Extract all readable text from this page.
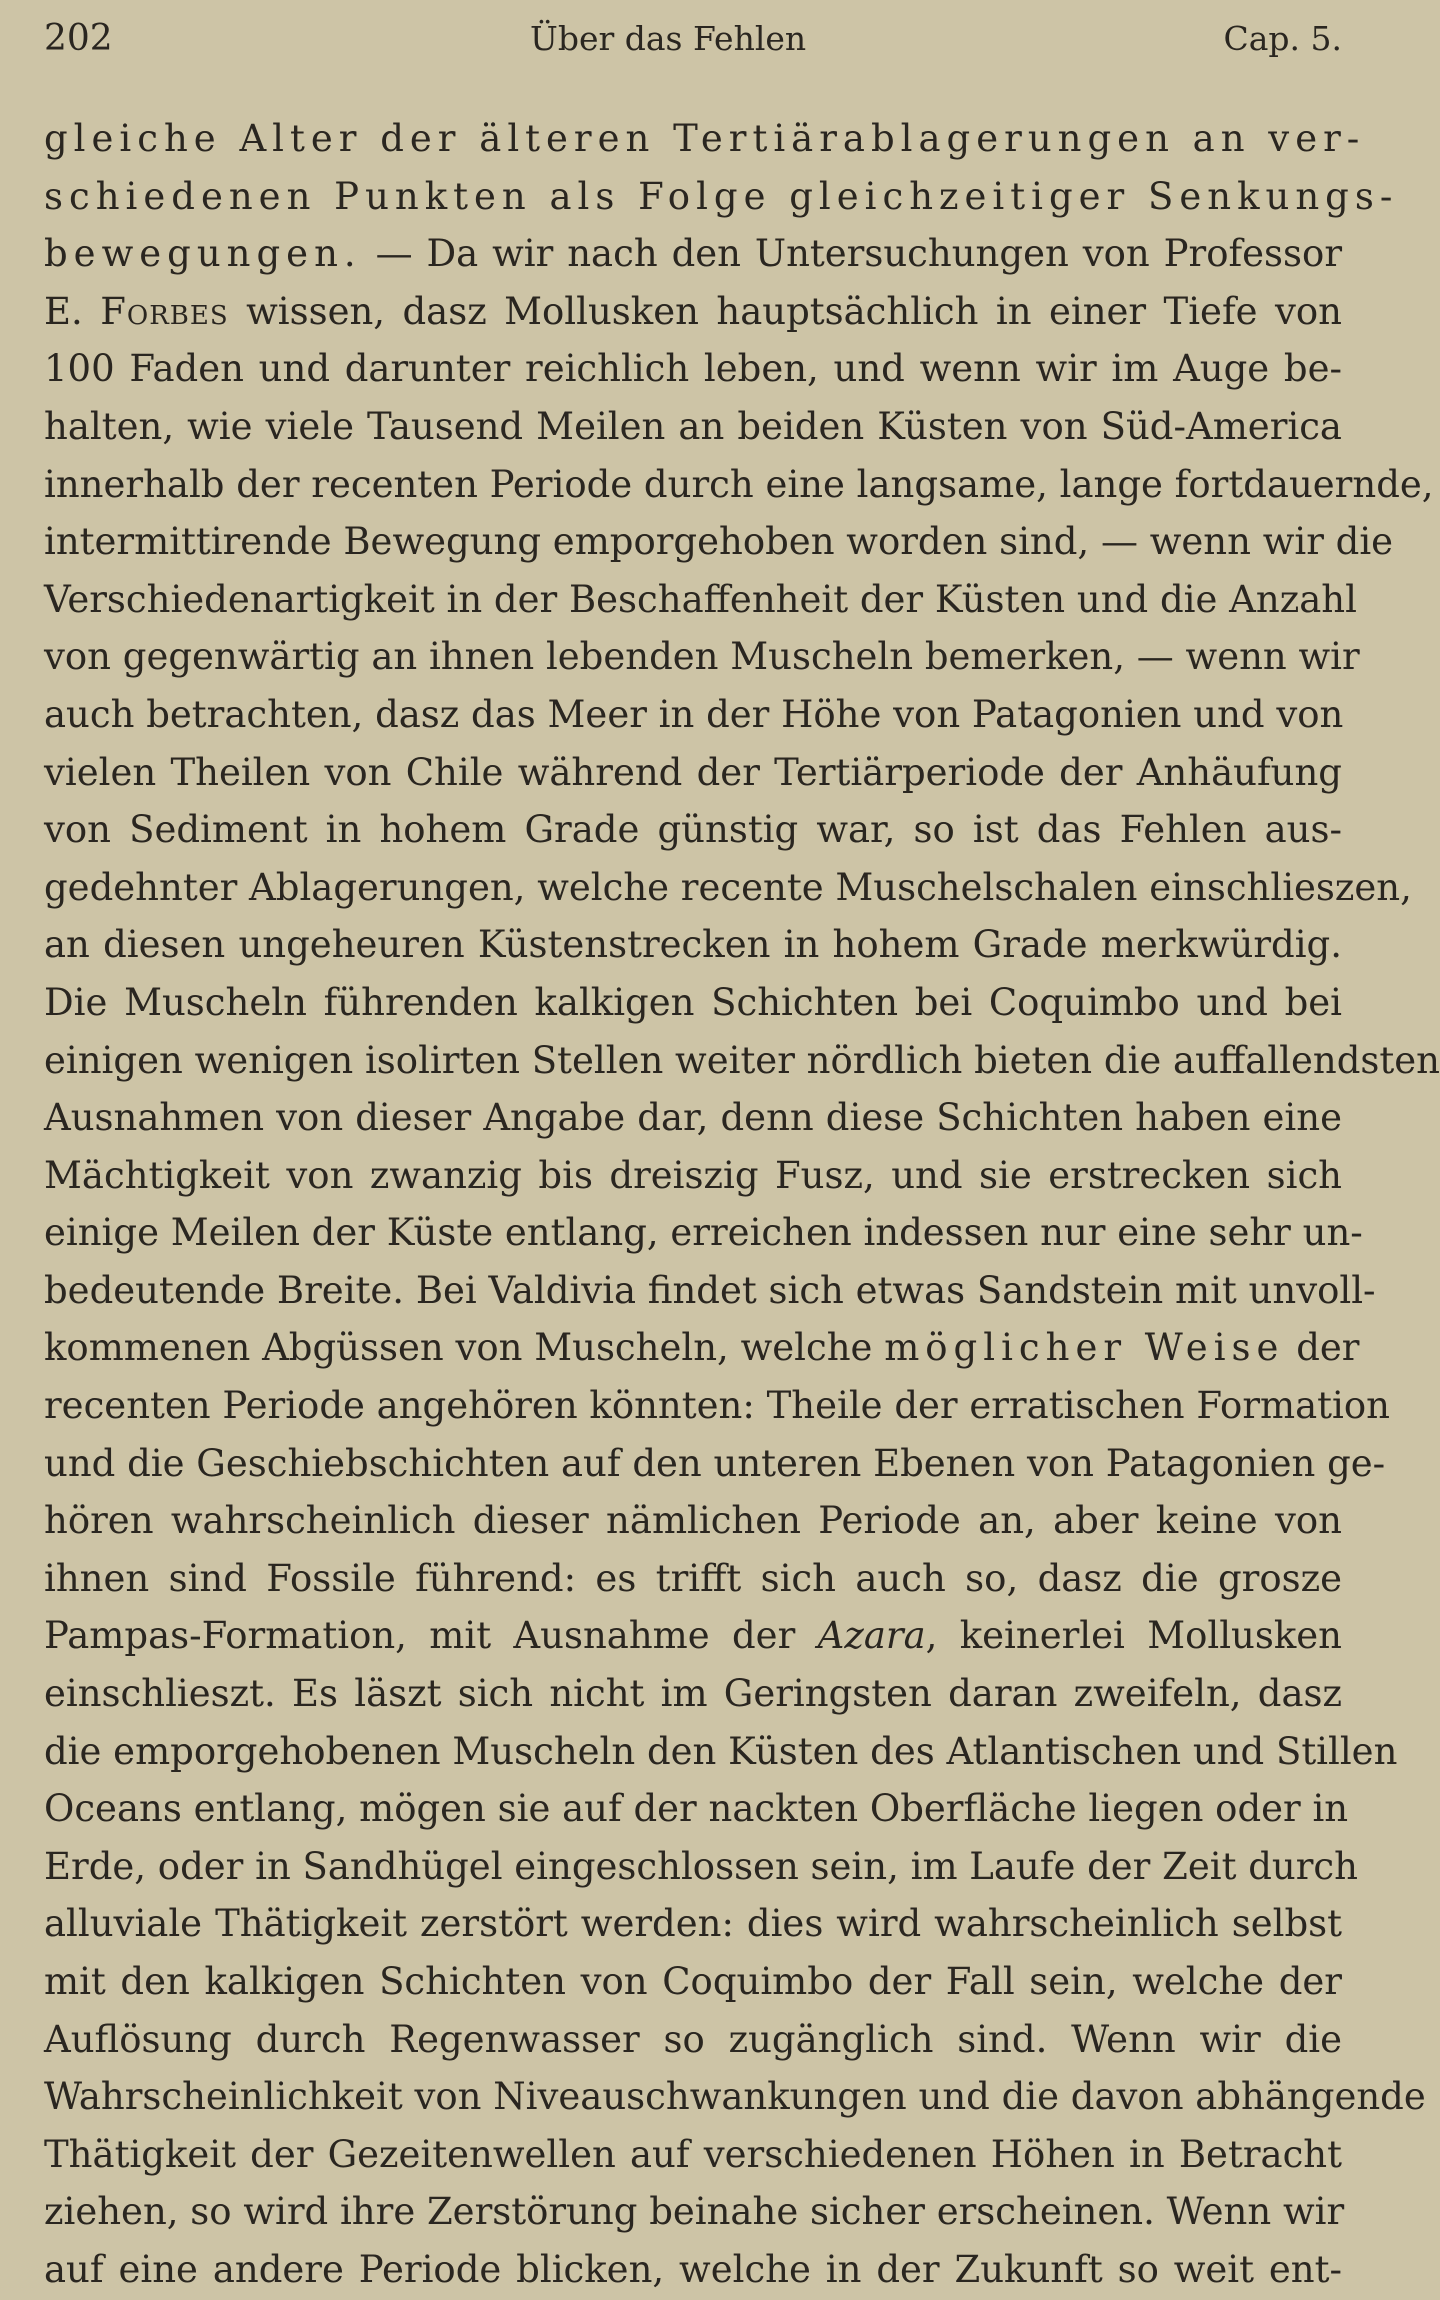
202	Über das Fehlen	Cap. 5.
gleiche Alter der älteren Tertiärablagerungen an ver-
schiedenen Punkten als Folge gleichzeitiger Senkungs-
bewegungen. — Da wir nach den Untersuchungen von Professor
E. Forbes wissen, dasz Mollusken hauptsächlich in einer Tiefe von
100 Faden und darunter reichlich leben, und wenn wir im Auge be-
halten, wie viele Tausend Meilen an beiden Küsten von Süd-America
innerhalb der recenten Periode durch eine langsame, lange fortdauernde,
intermittirende Bewegung emporgehoben worden sind, — wenn wir die
Verschiedenartigkeit in der Beschaffenheit der Küsten und die Anzahl
von gegenwärtig an ihnen lebenden Muscheln bemerken, — wenn wir
auch betrachten, dasz das Meer in der Höhe von Patagonien und von
vielen Theilen von Chile während der Tertiärperiode der Anhäufung
von Sediment in hohem Grade günstig war, so ist das Fehlen aus-
gedehnter Ablagerungen, welche recente Muschelschalen einschlieszen,
an diesen ungeheuren Küstenstrecken in hohem Grade merkwürdig.
Die Muscheln führenden kalkigen Schichten bei Coquimbo und bei
einigen wenigen isolirten Stellen weiter nördlich bieten die auffallendsten
Ausnahmen von dieser Angabe dar, denn diese Schichten haben eine
Mächtigkeit von zwanzig bis dreiszig Fusz, und sie erstrecken sich
einige Meilen der Küste entlang, erreichen indessen nur eine sehr un-
bedeutende Breite. Bei Valdivia findet sich etwas Sandstein mit unvoll-
kommenen Abgüssen von Muscheln, welche möglicher Weise der
recenten Periode angehören könnten: Theile der erratischen Formation
und die Geschiebschichten auf den unteren Ebenen von Patagonien ge-
hören wahrscheinlich dieser nämlichen Periode an, aber keine von
ihnen sind Fossile führend: es trifft sich auch so, dasz die grosze
Pampas-Formation, mit Ausnahme der Azara, keinerlei Mollusken
einschlieszt. Es läszt sich nicht im Geringsten daran zweifeln, dasz
die emporgehobenen Muscheln den Küsten des Atlantischen und Stillen
Oceans entlang, mögen sie auf der nackten Oberfläche liegen oder in
Erde, oder in Sandhügel eingeschlossen sein, im Laufe der Zeit durch
alluviale Thätigkeit zerstört werden: dies wird wahrscheinlich selbst
mit den kalkigen Schichten von Coquimbo der Fall sein, welche der
Auflösung durch Regenwasser so zugänglich sind. Wenn wir die
Wahrscheinlichkeit von Niveauschwankungen und die davon abhängende
Thätigkeit der Gezeitenwellen auf verschiedenen Höhen in Betracht
ziehen, so wird ihre Zerstörung beinahe sicher erscheinen. Wenn wir
auf eine andere Periode blicken, welche in der Zukunft so weit ent-
